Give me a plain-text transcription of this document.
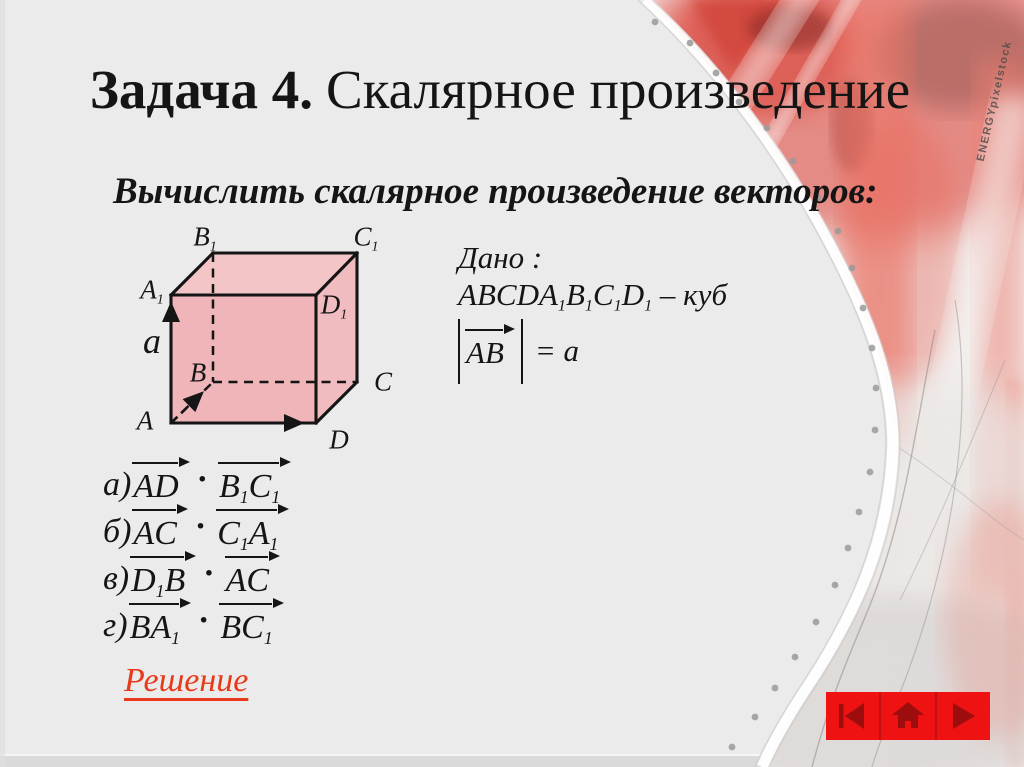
ENERGYpixelstock
Задача 4. Скалярное произведение
Вычислить скалярное произведение векторов:
$B_1$	$C_1$
$A_1$	$D_1$
a
B	C
A
D
Дано :
$ABCDA_1B_1C_1D_1$ – куб
AB	= a
а) AD · $B_1C_1$
б) AC · $C_1A_1$
в) $D_1B$ · AC
г) $BA_1 \cdot BC_1$
Решение
